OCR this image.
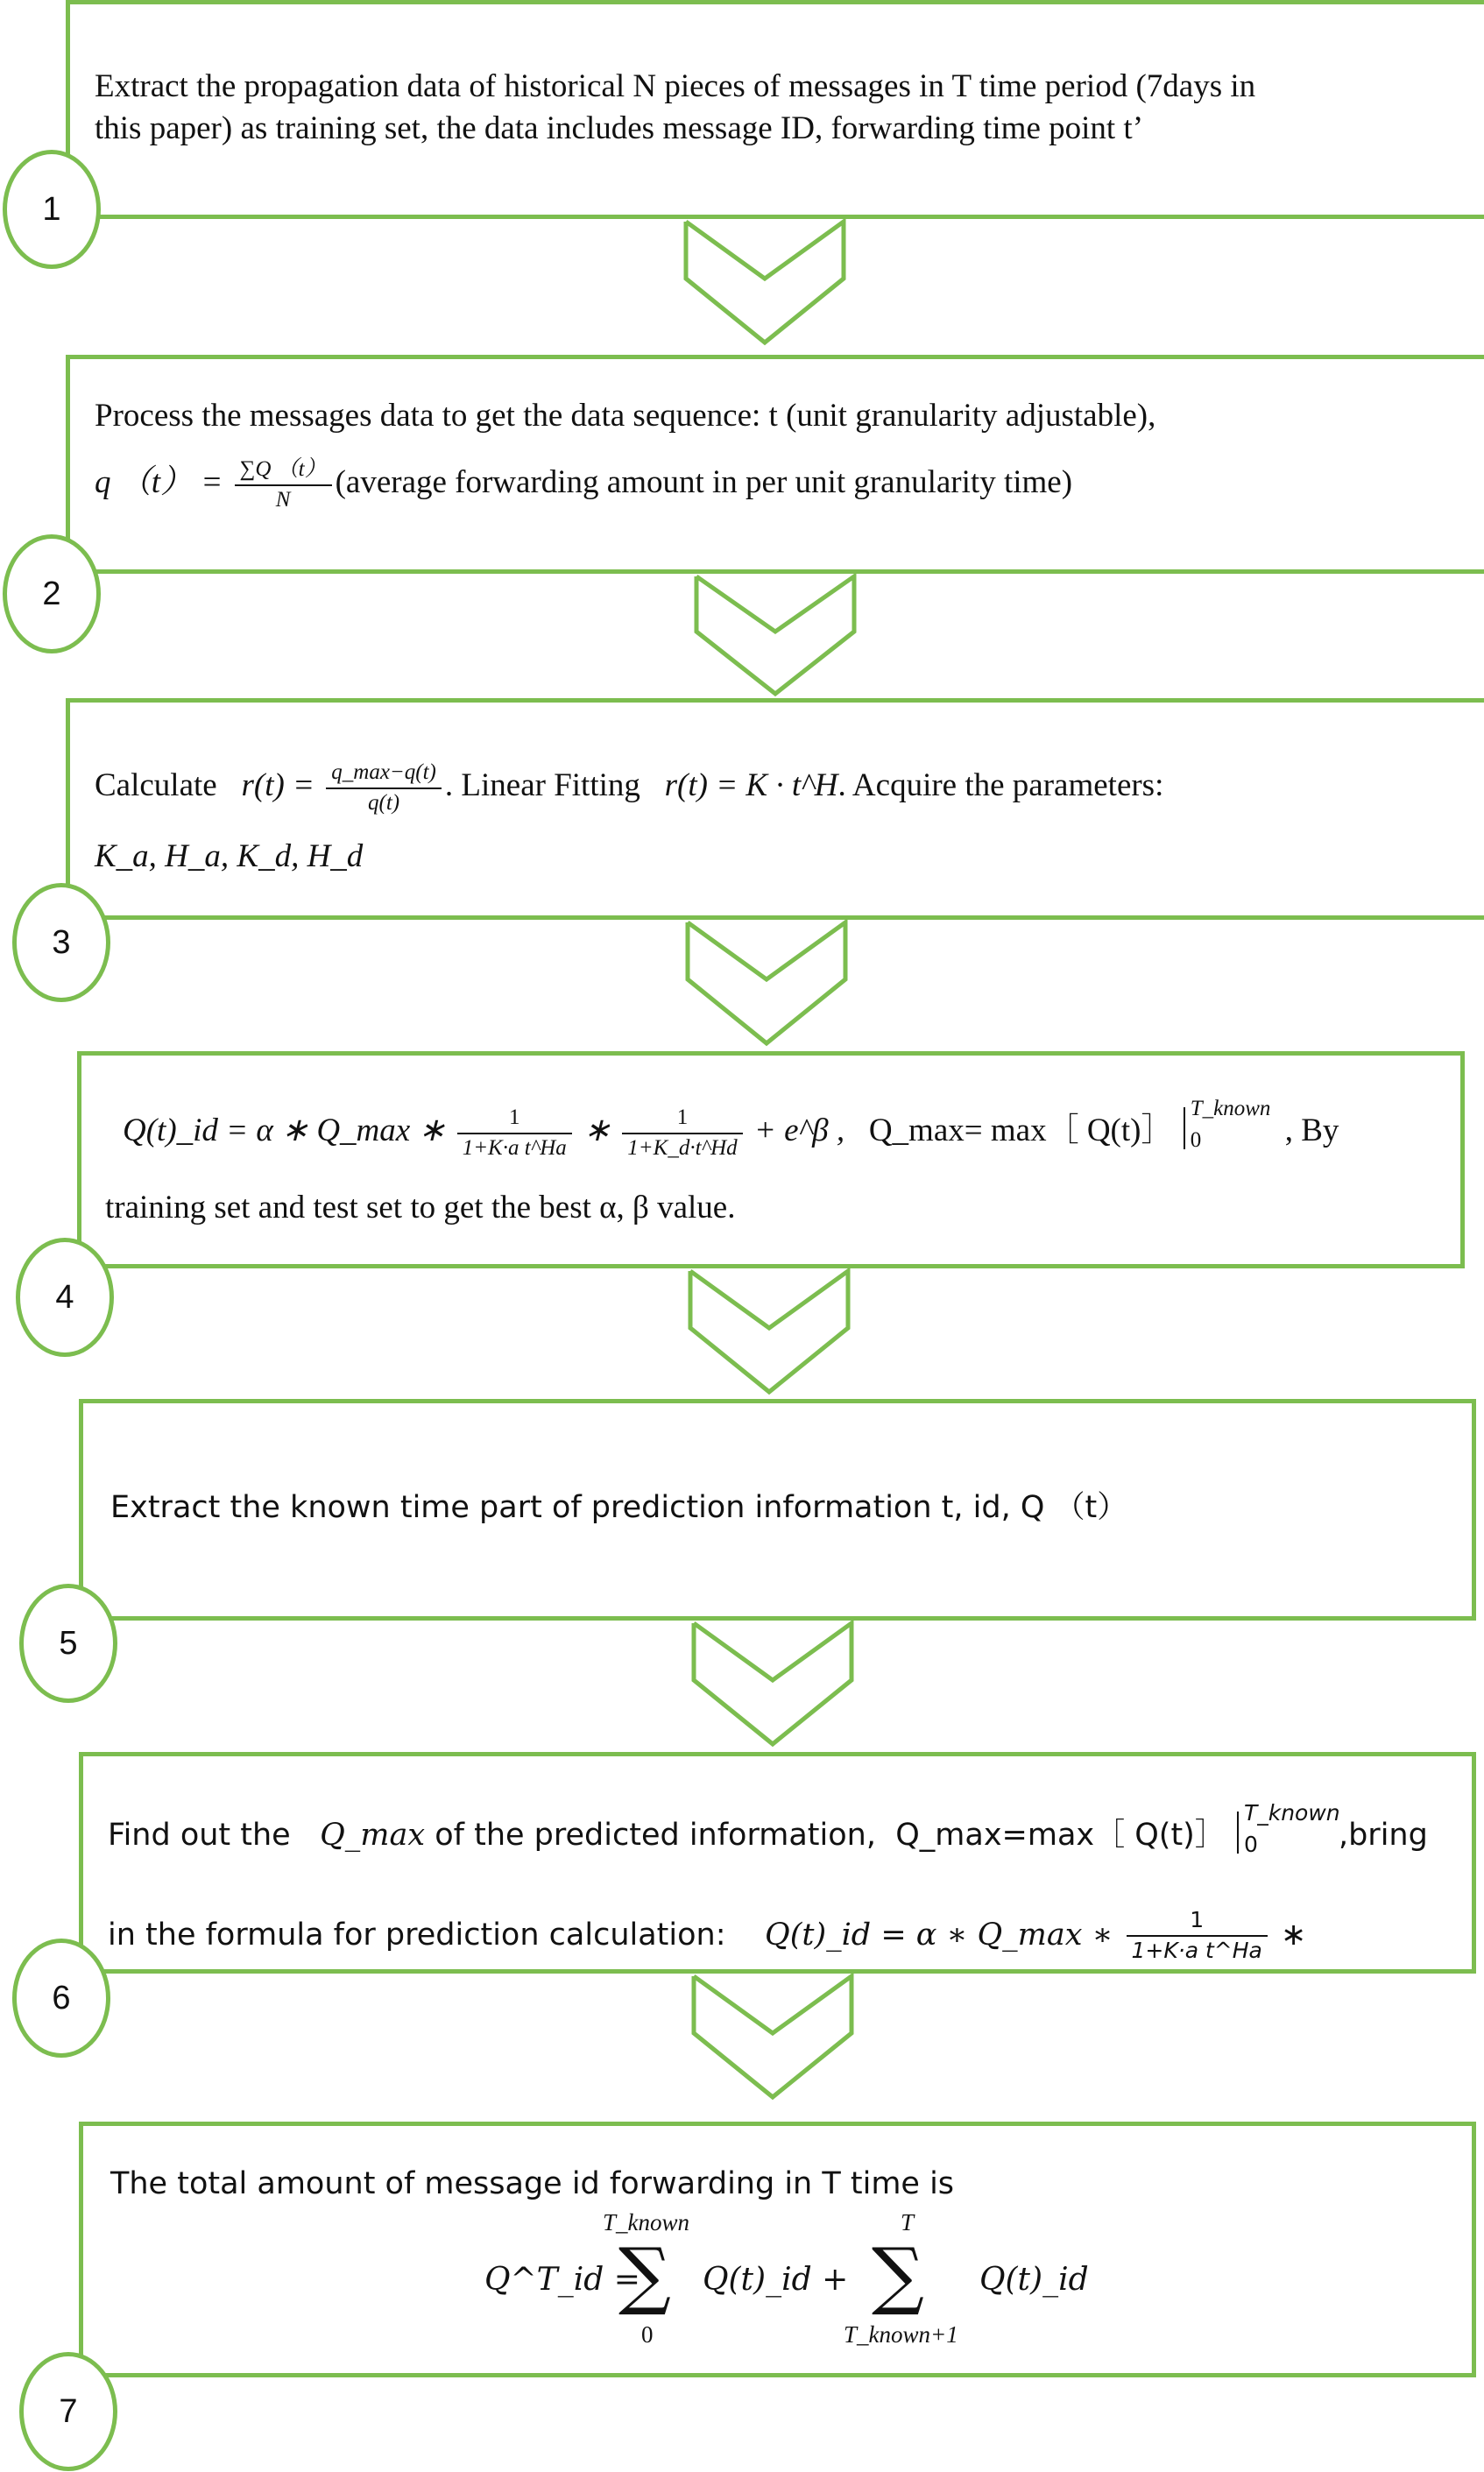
Extract the propagation data of historical N pieces of messages in T time period (7days in
this paper) as training set, the data includes message ID, forwarding time point t’
1
Process the messages data to get the data sequence: t (unit granularity adjustable),
q $(t) = \frac{\sum Q (t)}{N}$ (average forwarding amount in per unit granularity time)
2
Calculate $r(t) = \frac{q\_\max-q(t)}{q(t)}$ . Linear Fitting r(t) = K · t^H. Acquire the parameters:
K_a, H_a, K_d, H_d
3
Q(t)_id = α ∗ Q_max ∗ $\frac{1}{\text{1+K·a t\textasciicircum{}Ha}}$ ∗ $\frac{1}{1+K\_d\cdot t\^{}Hd}$ + e^β , Q_max= max［ Q(t)］
T_known
0	, By
training set and test set to get the best α, β value.
4
Extract the known time part of prediction information t, id, Q （t）
5
Find out the Q_max of the predicted information, Q_max=max［ Q(t)］
T_known
0	,bring
in the formula for prediction calculation: Q(t)_id = α ∗ Q_max ∗ $\frac{1}{\text{1+K·a t\textasciicircum{}Ha}}$ ∗
6
The total amount of message id forwarding in T time is
Q^T_id =
T_known
∑
0
Q(t)_id +
T
∑
T_known+1
Q(t)_id
7
